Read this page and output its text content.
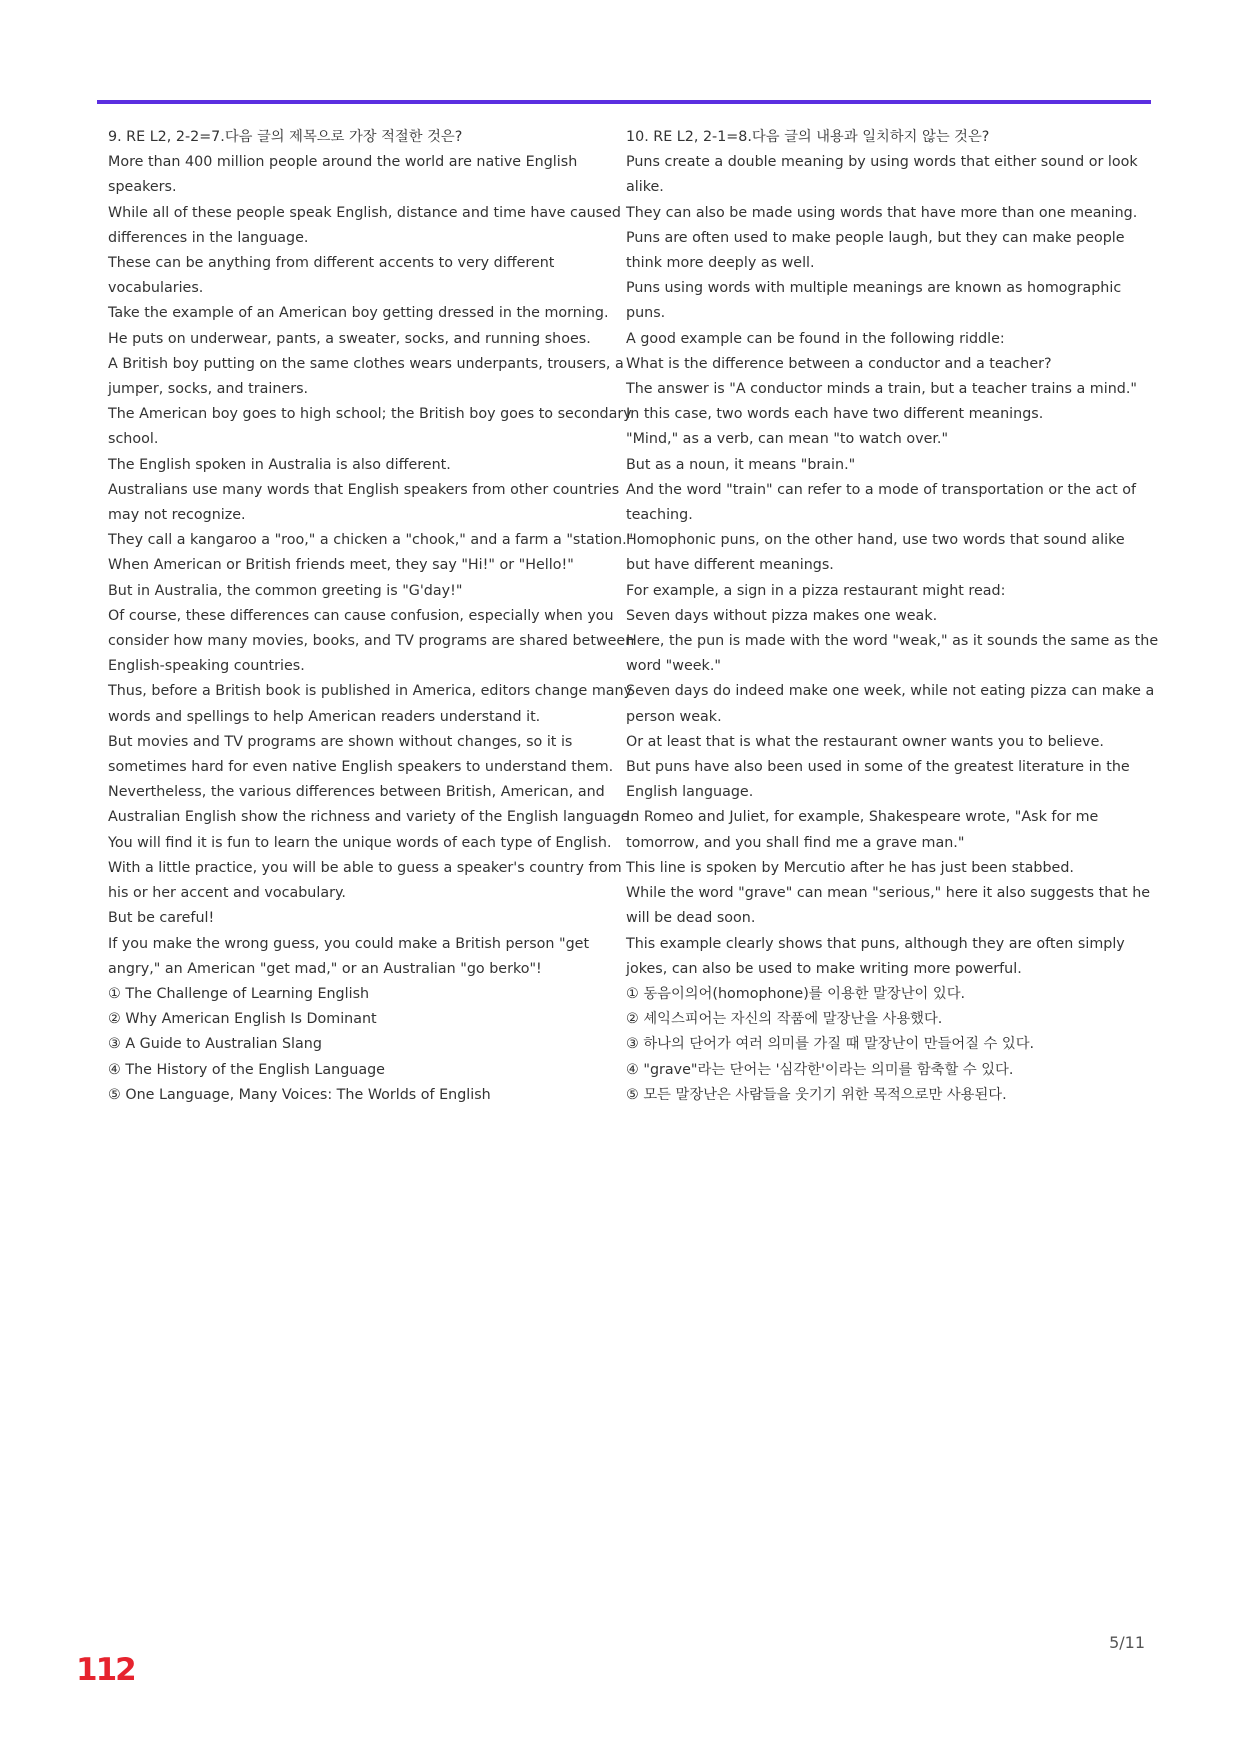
9. RE L2, 2-2=7.다음 글의 제목으로 가장 적절한 것은?
More than 400 million people around the world are native English
speakers.
While all of these people speak English, distance and time have caused
differences in the language.
These can be anything from different accents to very different
vocabularies.
Take the example of an American boy getting dressed in the morning.
He puts on underwear, pants, a sweater, socks, and running shoes.
A British boy putting on the same clothes wears underpants, trousers, a
jumper, socks, and trainers.
The American boy goes to high school; the British boy goes to secondary
school.
The English spoken in Australia is also different.
Australians use many words that English speakers from other countries
may not recognize.
They call a kangaroo a "roo," a chicken a "chook," and a farm a "station."
When American or British friends meet, they say "Hi!" or "Hello!"
But in Australia, the common greeting is "G'day!"
Of course, these differences can cause confusion, especially when you
consider how many movies, books, and TV programs are shared between
English-speaking countries.
Thus, before a British book is published in America, editors change many
words and spellings to help American readers understand it.
But movies and TV programs are shown without changes, so it is
sometimes hard for even native English speakers to understand them.
Nevertheless, the various differences between British, American, and
Australian English show the richness and variety of the English language.
You will find it is fun to learn the unique words of each type of English.
With a little practice, you will be able to guess a speaker's country from
his or her accent and vocabulary.
But be careful!
If you make the wrong guess, you could make a British person "get
angry," an American "get mad," or an Australian "go berko"!
① The Challenge of Learning English
② Why American English Is Dominant
③ A Guide to Australian Slang
④ The History of the English Language
⑤ One Language, Many Voices: The Worlds of English
10. RE L2, 2-1=8.다음 글의 내용과 일치하지 않는 것은?
Puns create a double meaning by using words that either sound or look
alike.
They can also be made using words that have more than one meaning.
Puns are often used to make people laugh, but they can make people
think more deeply as well.
Puns using words with multiple meanings are known as homographic
puns.
A good example can be found in the following riddle:
What is the difference between a conductor and a teacher?
The answer is "A conductor minds a train, but a teacher trains a mind."
In this case, two words each have two different meanings.
"Mind," as a verb, can mean "to watch over."
But as a noun, it means "brain."
And the word "train" can refer to a mode of transportation or the act of
teaching.
Homophonic puns, on the other hand, use two words that sound alike
but have different meanings.
For example, a sign in a pizza restaurant might read:
Seven days without pizza makes one weak.
Here, the pun is made with the word "weak," as it sounds the same as the
word "week."
Seven days do indeed make one week, while not eating pizza can make a
person weak.
Or at least that is what the restaurant owner wants you to believe.
But puns have also been used in some of the greatest literature in the
English language.
In Romeo and Juliet, for example, Shakespeare wrote, "Ask for me
tomorrow, and you shall find me a grave man."
This line is spoken by Mercutio after he has just been stabbed.
While the word "grave" can mean "serious," here it also suggests that he
will be dead soon.
This example clearly shows that puns, although they are often simply
jokes, can also be used to make writing more powerful.
① 동음이의어(homophone)를 이용한 말장난이 있다.
② 셰익스피어는 자신의 작품에 말장난을 사용했다.
③ 하나의 단어가 여러 의미를 가질 때 말장난이 만들어질 수 있다.
④ "grave"라는 단어는 '심각한'이라는 의미를 함축할 수 있다.
⑤ 모든 말장난은 사람들을 웃기기 위한 목적으로만 사용된다.
5/11
112
